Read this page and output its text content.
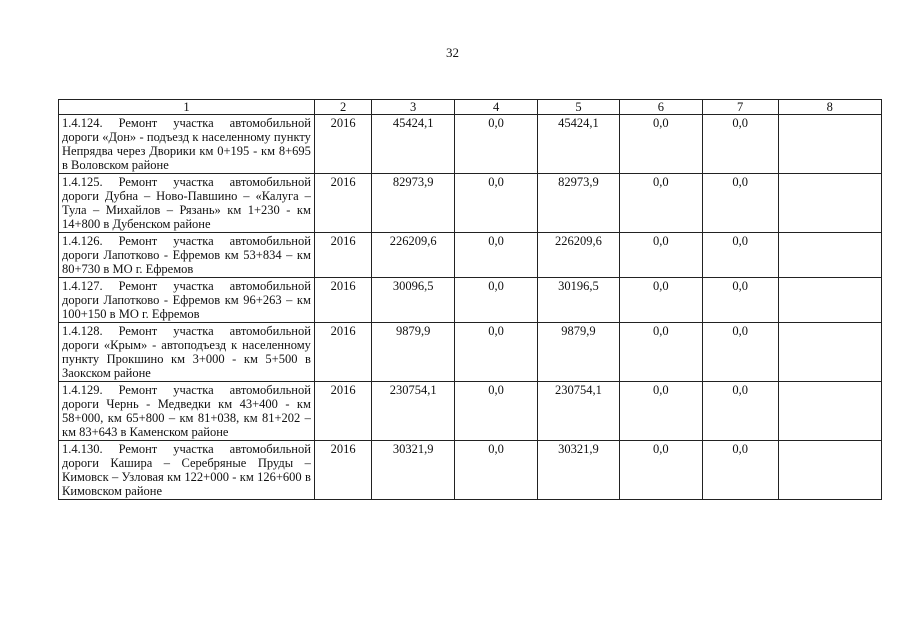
32
1	2	3	4	5	6	7	8
1.4.124. Ремонт участка автомобильной дороги «Дон» - подъезд к населенному пункту Непрядва через Дворики км 0+195 - км 8+695 в Воловском районе	2016	45424,1	0,0	45424,1	0,0	0,0	
1.4.125. Ремонт участка автомобильной дороги Дубна – Ново-Павшино – «Калуга – Тула – Михайлов – Рязань» км 1+230 - км 14+800 в Дубенском районе	2016	82973,9	0,0	82973,9	0,0	0,0	
1.4.126. Ремонт участка автомобильной дороги Лапотково - Ефремов км 53+834 – км 80+730 в МО г. Ефремов	2016	226209,6	0,0	226209,6	0,0	0,0	
1.4.127. Ремонт участка автомобильной дороги Лапотково - Ефремов км 96+263 – км 100+150 в МО г. Ефремов	2016	30096,5	0,0	30196,5	0,0	0,0	
1.4.128. Ремонт участка автомобильной дороги «Крым» - автоподъезд к населенному пункту Прокшино км 3+000 - км 5+500 в Заокском районе	2016	9879,9	0,0	9879,9	0,0	0,0	
1.4.129. Ремонт участка автомобильной дороги Чернь - Медведки км 43+400 - км 58+000, км 65+800 – км 81+038, км 81+202 – км 83+643 в Каменском районе	2016	230754,1	0,0	230754,1	0,0	0,0	
1.4.130. Ремонт участка автомобильной дороги Кашира – Серебряные Пруды – Кимовск – Узловая км 122+000 - км 126+600 в Кимовском районе	2016	30321,9	0,0	30321,9	0,0	0,0	
